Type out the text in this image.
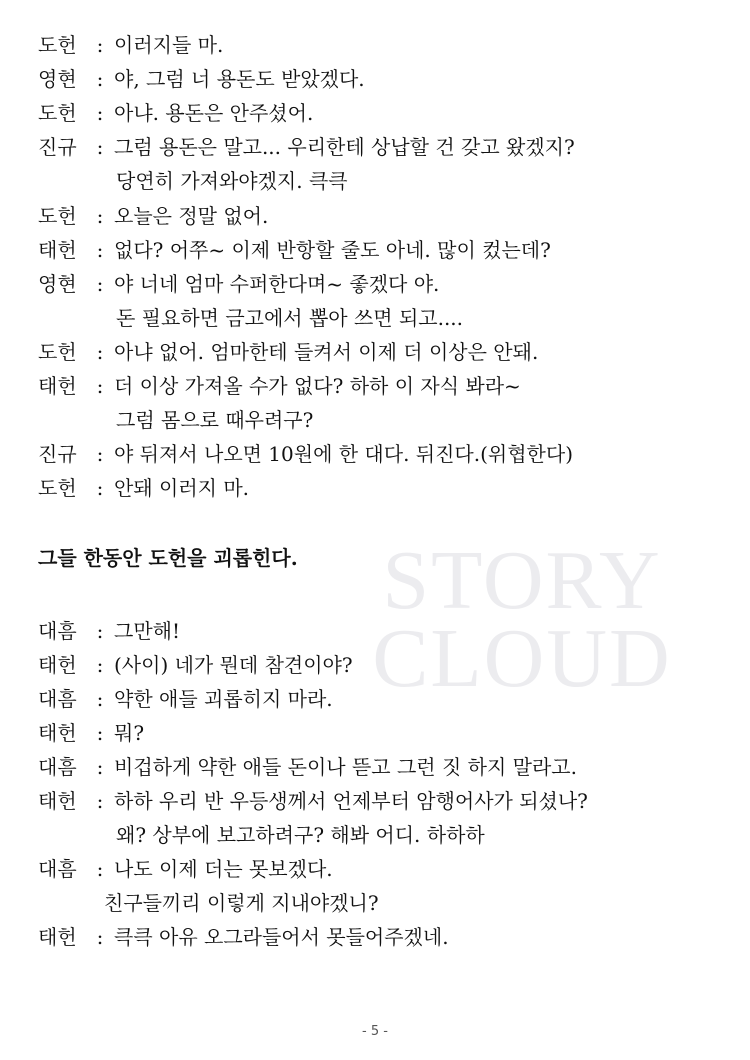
STORY
CLOUD
도헌 : 이러지들 마.
영현 : 야, 그럼 너 용돈도 받았겠다.
도헌 : 아냐. 용돈은 안주셨어.
진규 : 그럼 용돈은 말고... 우리한테 상납할 건 갖고 왔겠지?
당연히 가져와야겠지. 큭큭
도헌 : 오늘은 정말 없어.
태헌 : 없다? 어쭈~ 이제 반항할 줄도 아네. 많이 컸는데?
영현 : 야 너네 엄마 수퍼한다며~ 좋겠다 야.
돈 필요하면 금고에서 뽑아 쓰면 되고....
도헌 : 아냐 없어. 엄마한테 들켜서 이제 더 이상은 안돼.
태헌 : 더 이상 가져올 수가 없다? 하하 이 자식 봐라~
그럼 몸으로 때우려구?
진규 : 야 뒤져서 나오면 10원에 한 대다. 뒤진다.(위협한다)
도헌 : 안돼 이러지 마.
그들 한동안 도헌을 괴롭힌다.
대흠 : 그만해!
태헌 : (사이) 네가 뭔데 참견이야?
대흠 : 약한 애들 괴롭히지 마라.
태헌 : 뭐?
대흠 : 비겁하게 약한 애들 돈이나 뜯고 그런 짓 하지 말라고.
태헌 : 하하 우리 반 우등생께서 언제부터 암행어사가 되셨나?
왜? 상부에 보고하려구? 해봐 어디. 하하하
대흠 : 나도 이제 더는 못보겠다.
친구들끼리 이렇게 지내야겠니?
태헌 : 큭큭 아유 오그라들어서 못들어주겠네.
- 5 -
